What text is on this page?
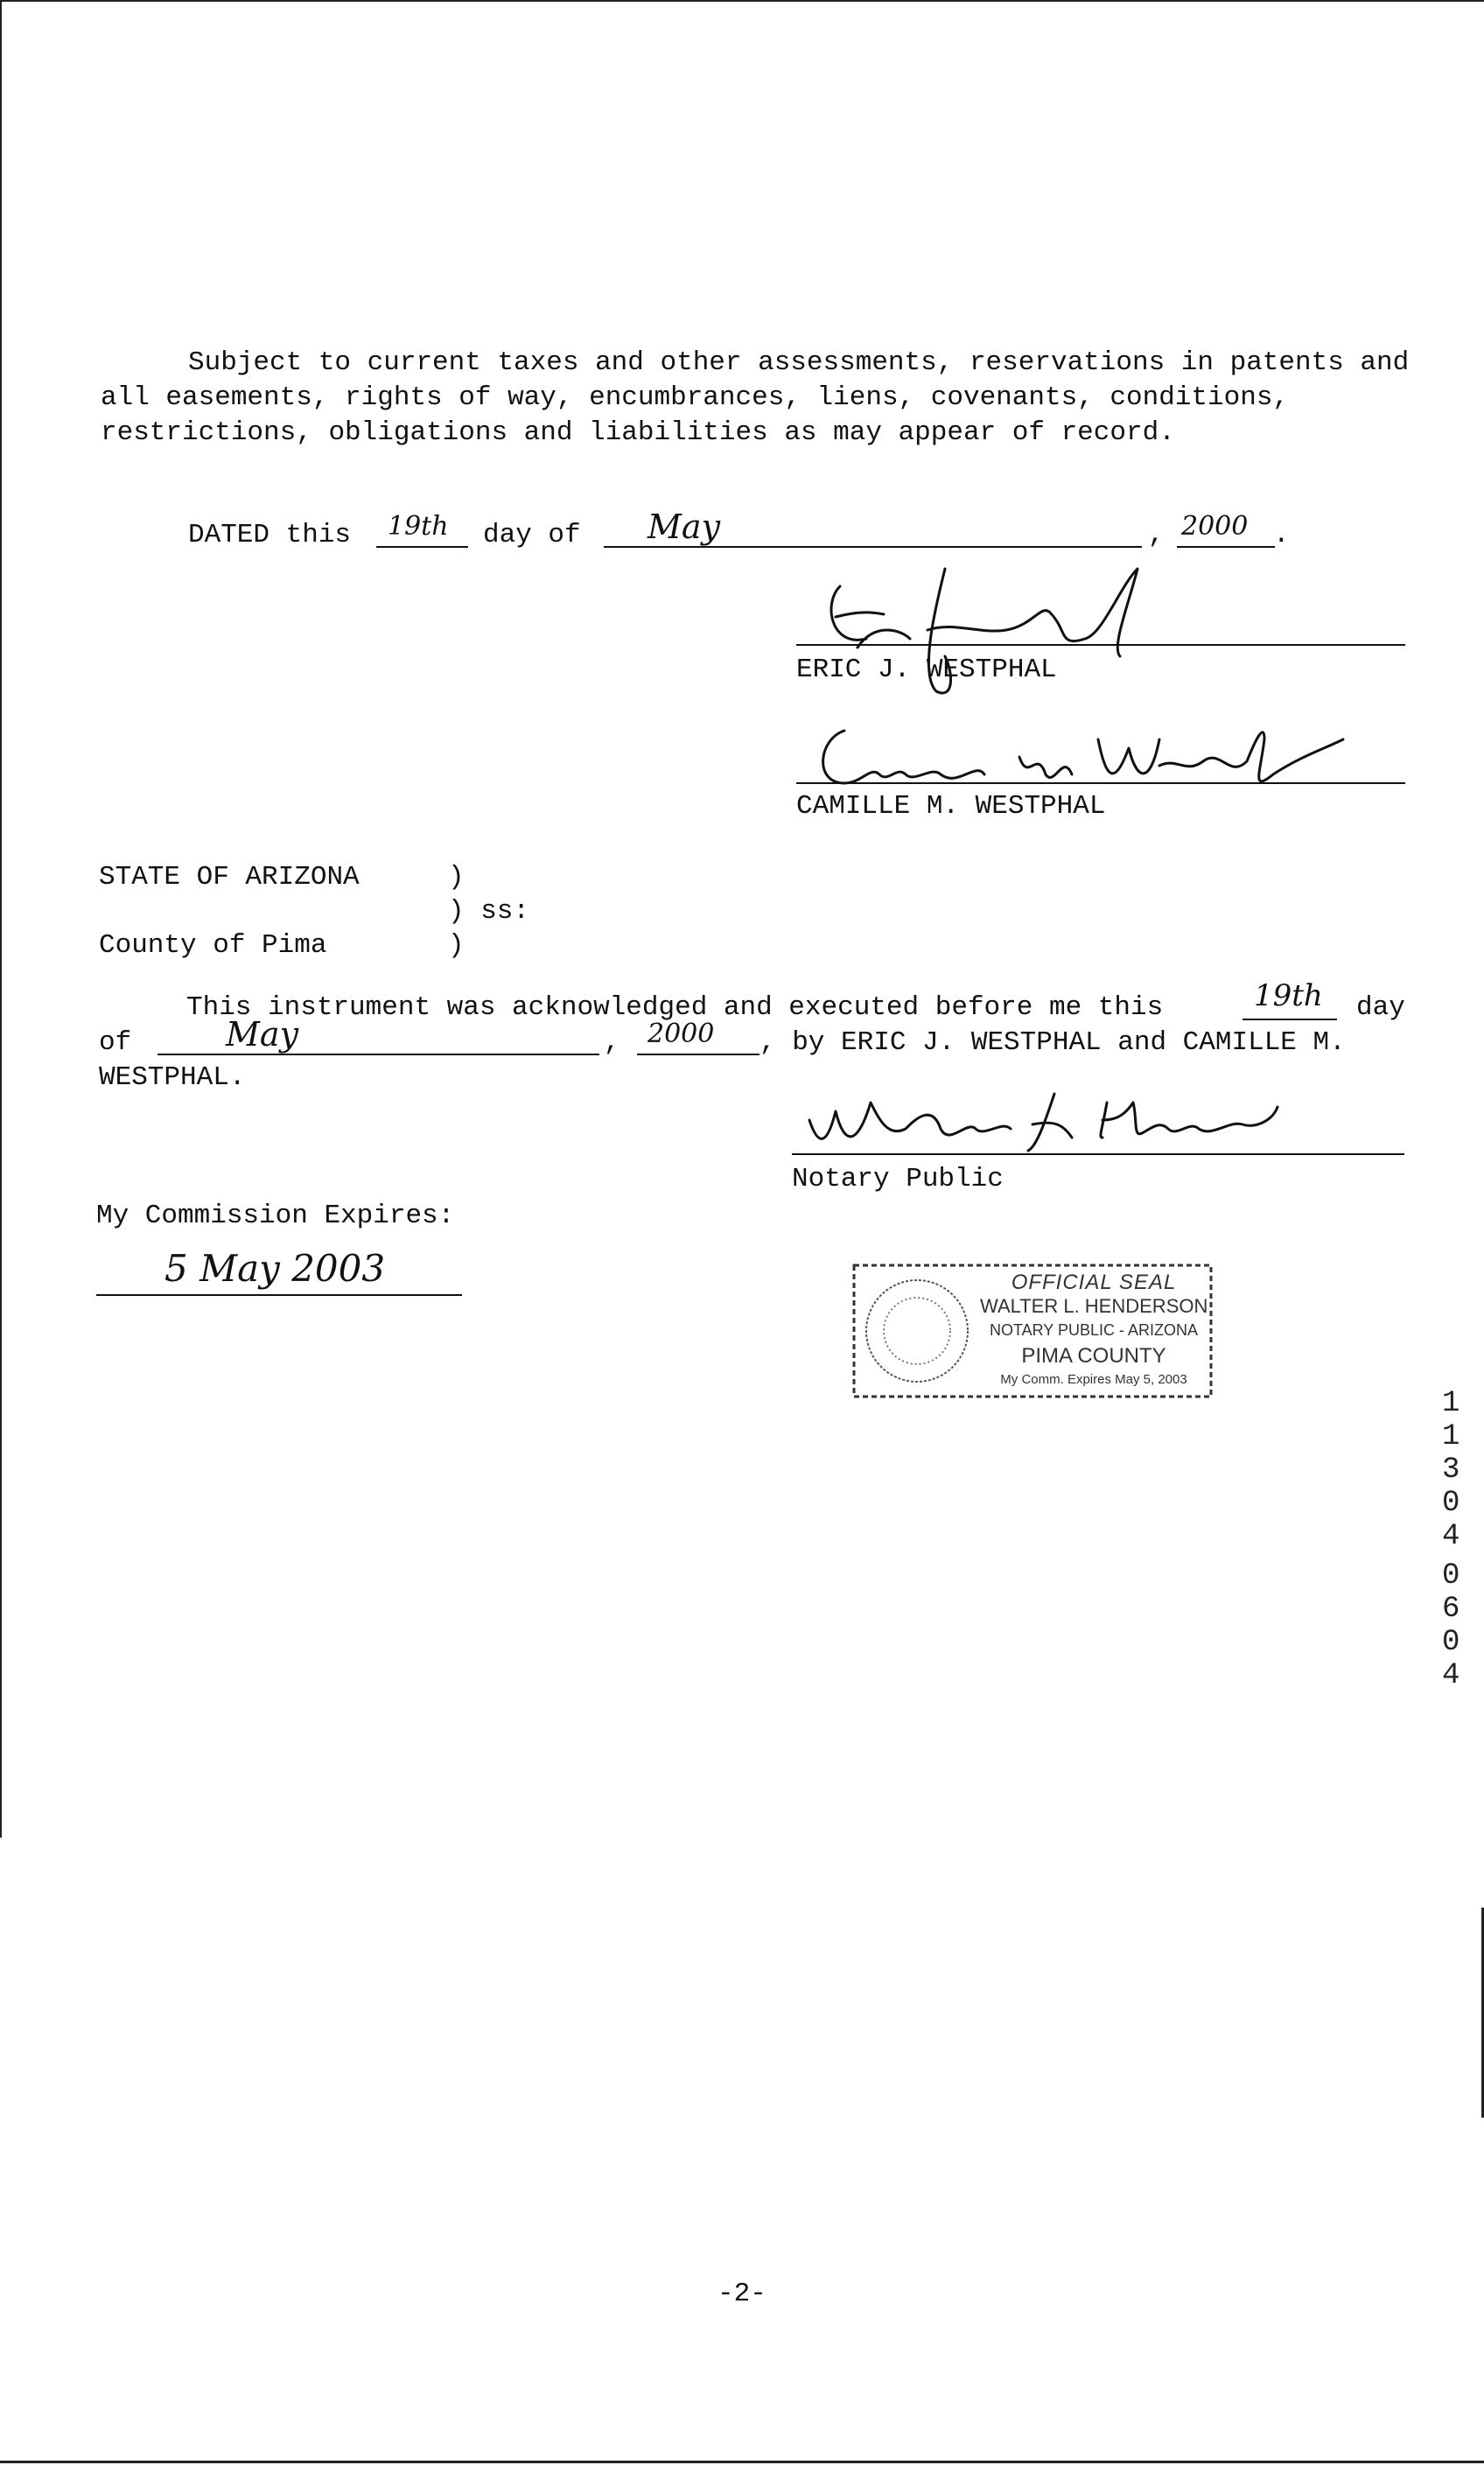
Subject to current taxes and other assessments, reservations in patents and all easements, rights of way, encumbrances, liens, covenants, conditions, restrictions, obligations and liabilities as may appear of record.
DATED this 19th day of May	, 2000 .
ERIC J. WESTPHAL
CAMILLE M. WESTPHAL
STATE OF ARIZONA	)
) ss:
County of Pima	)
This instrument was acknowledged and executed before me this	19th day
of	May	, 2000 , by ERIC J. WESTPHAL and CAMILLE M.
WESTPHAL.
Notary Public
My Commission Expires:
5 May 2003	OFFICIAL SEAL
WALTER L. HENDERSON
NOTARY PUBLIC - ARIZONA
PIMA COUNTY
My Comm. Expires May 5, 2003
1
1
3
0
4
0
6
0
4
-2-
